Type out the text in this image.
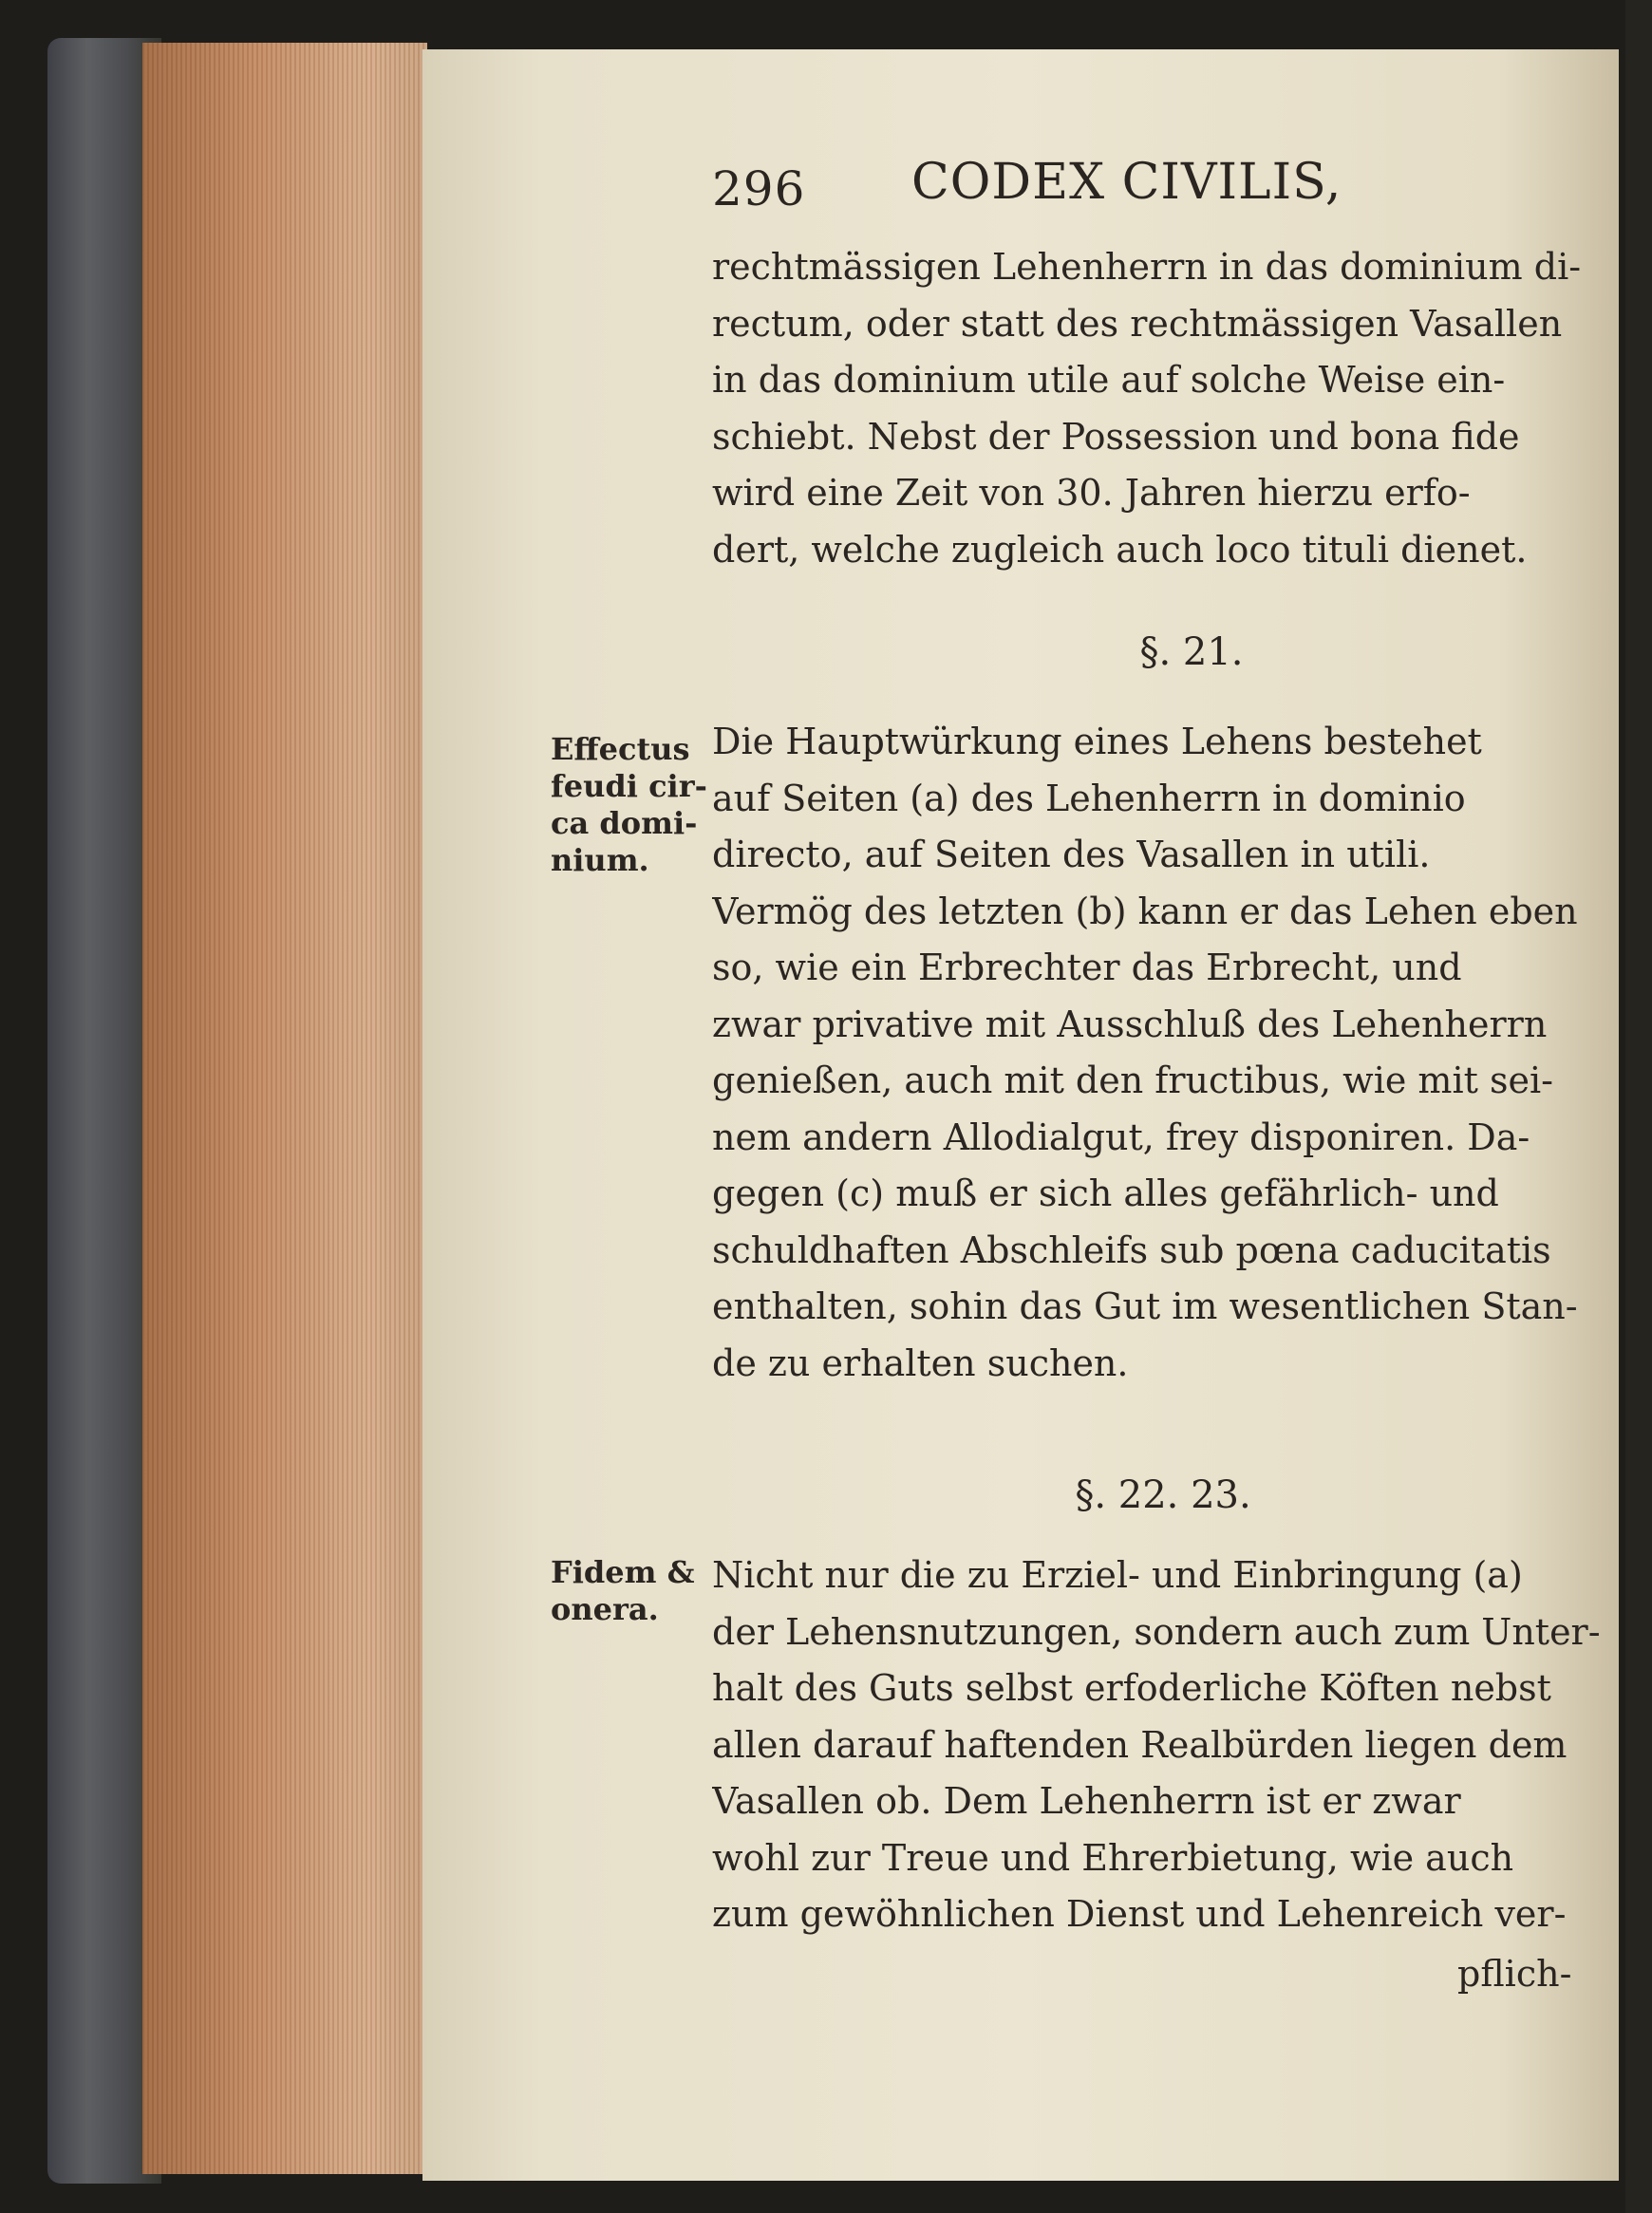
296 CODEX CIVILIS,
rechtmässigen Lehenherrn in das dominium di-
rectum, oder statt des rechtmässigen Vasallen
in das dominium utile auf solche Weise ein-
schiebt. Nebst der Possession und bona fide
wird eine Zeit von 30. Jahren hierzu erfo-
dert, welche zugleich auch loco tituli dienet.
§. 21.
Effectus
feudi cir-
ca domi-
nium.
Die Hauptwürkung eines Lehens bestehet
auf Seiten (a) des Lehenherrn in dominio
directo, auf Seiten des Vasallen in utili.
Vermög des letzten (b) kann er das Lehen eben
so, wie ein Erbrechter das Erbrecht, und
zwar privative mit Ausschluß des Lehenherrn
genießen, auch mit den fructibus, wie mit sei-
nem andern Allodialgut, frey disponiren. Da-
gegen (c) muß er sich alles gefährlich- und
schuldhaften Abschleifs sub pœna caducitatis
enthalten, sohin das Gut im wesentlichen Stan-
de zu erhalten suchen.
§. 22. 23.
Fidem &
onera.
Nicht nur die zu Erziel- und Einbringung (a)
der Lehensnutzungen, sondern auch zum Unter-
halt des Guts selbst erfoderliche Köften nebst
allen darauf haftenden Realbürden liegen dem
Vasallen ob. Dem Lehenherrn ist er zwar
wohl zur Treue und Ehrerbietung, wie auch
zum gewöhnlichen Dienst und Lehenreich ver-
pflich-
